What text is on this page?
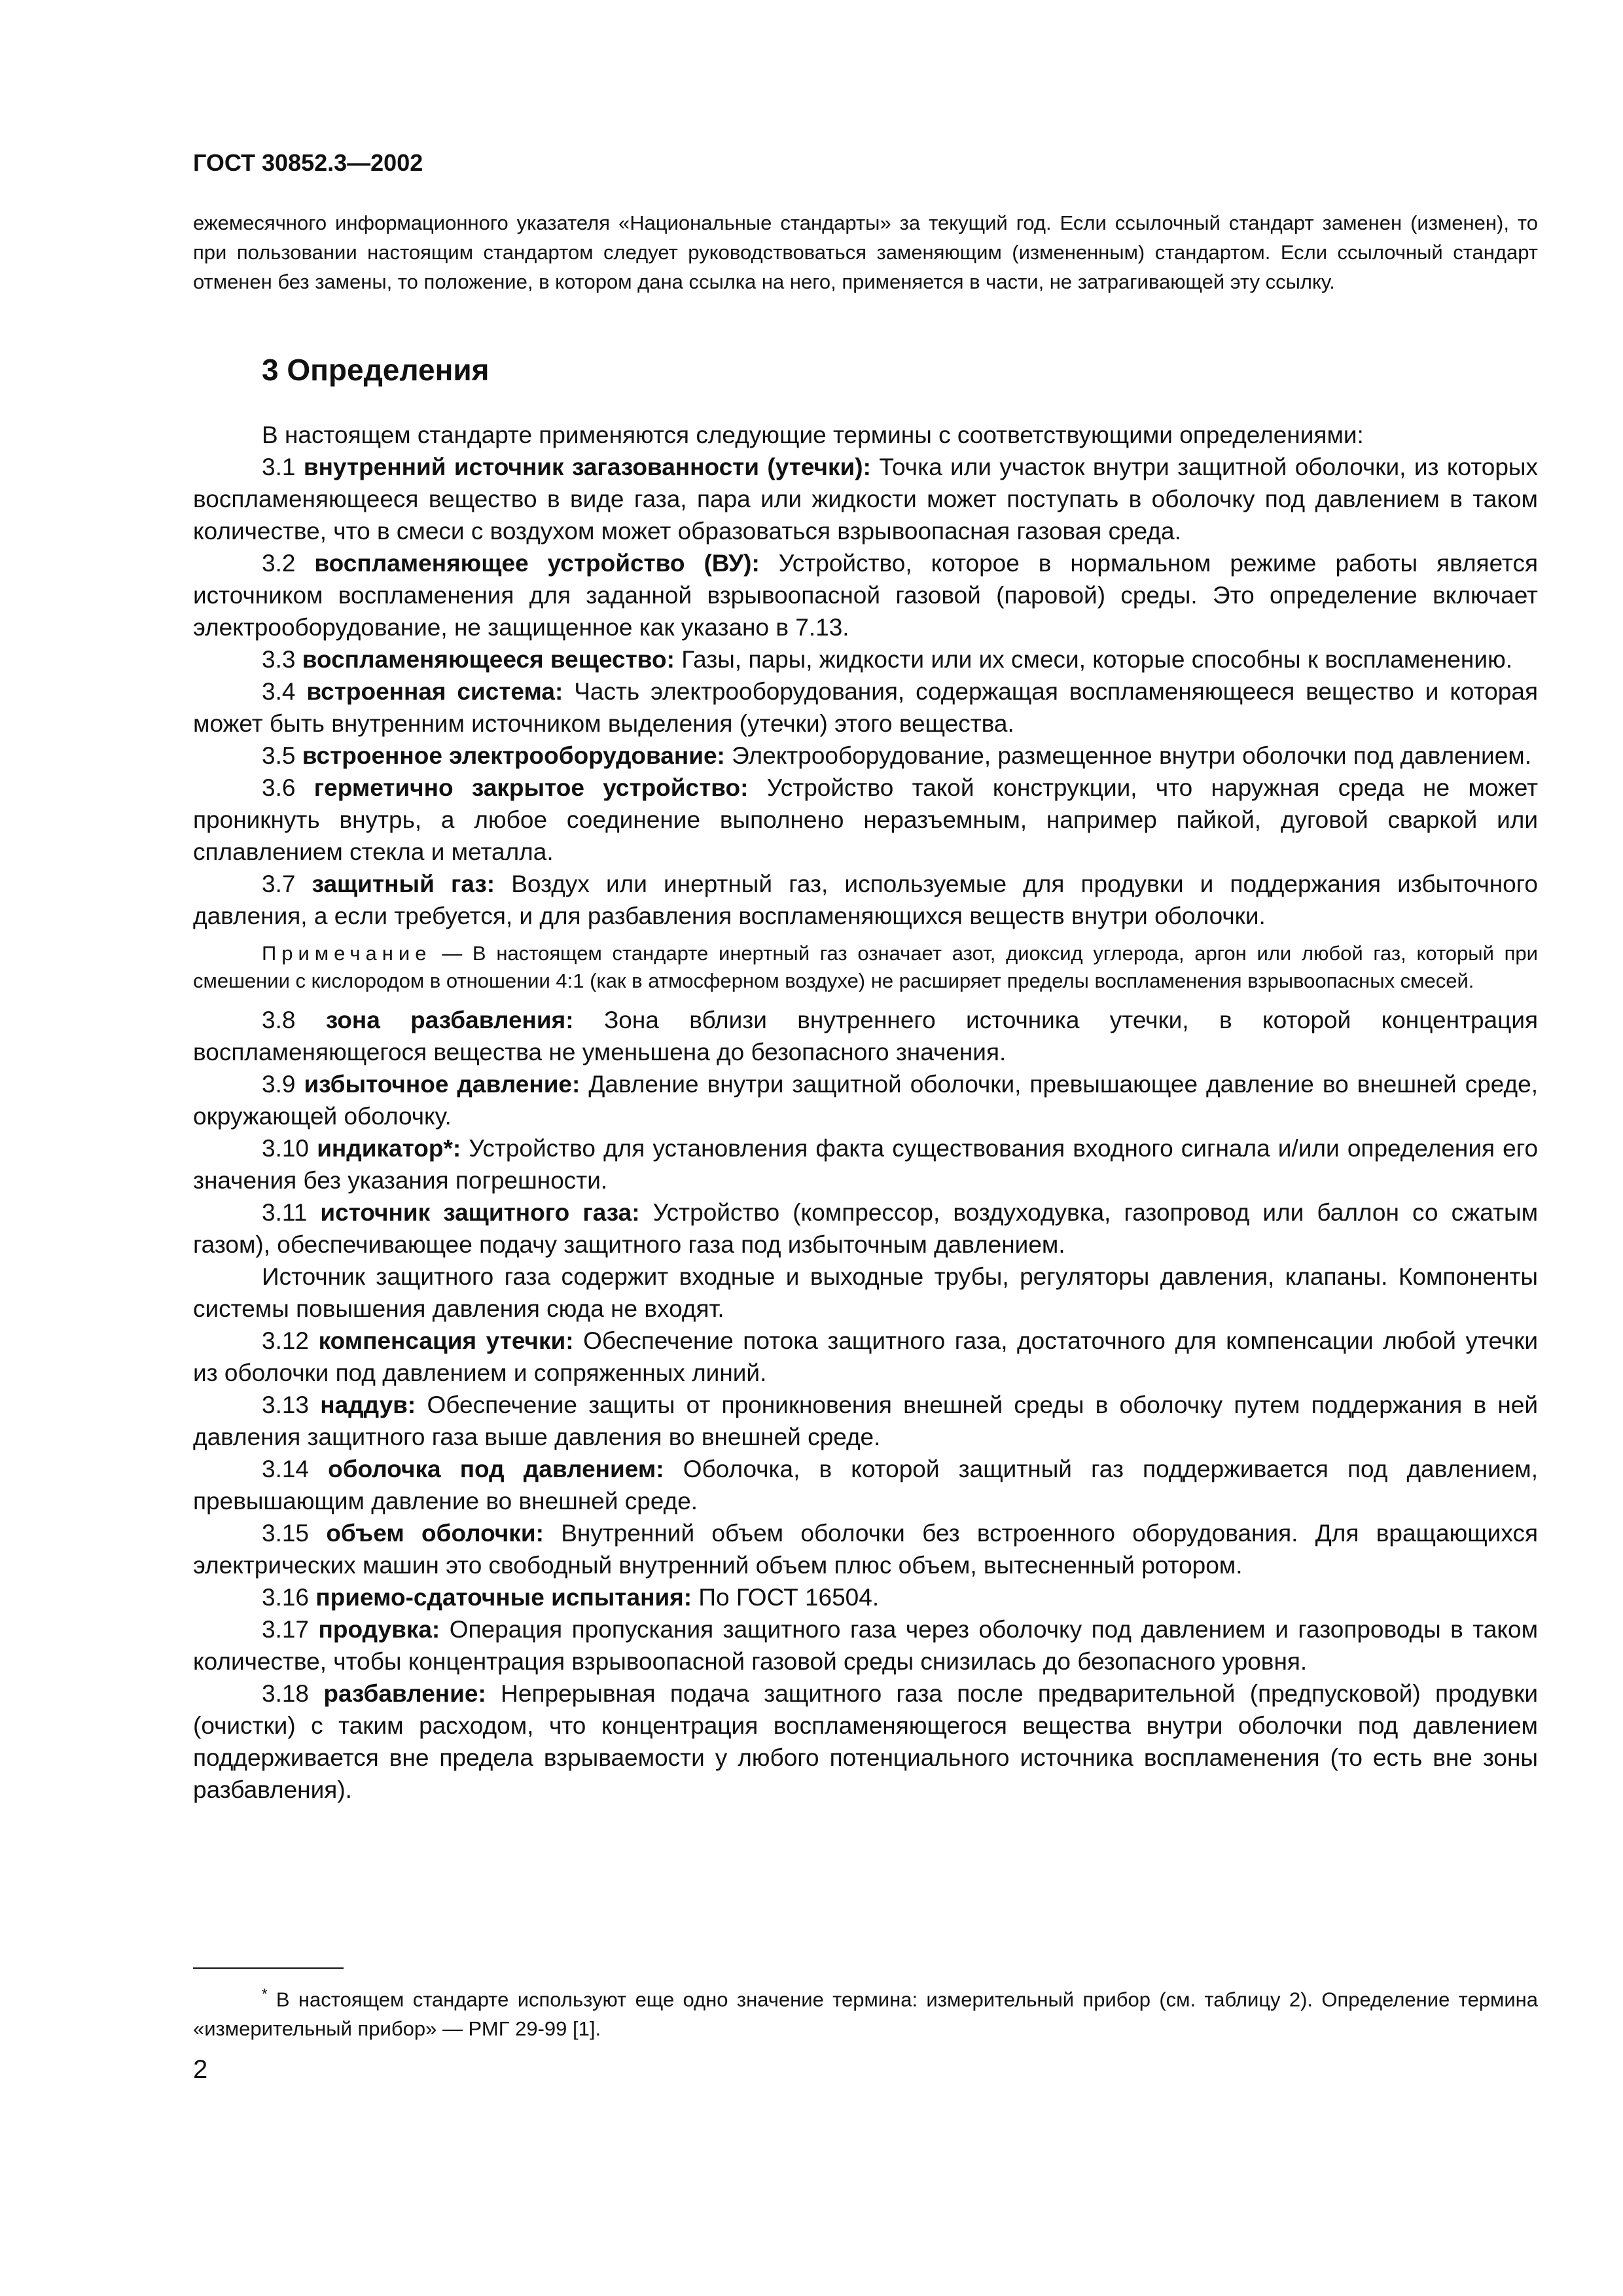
ГОСТ 30852.3—2002
ежемесячного информационного указателя «Национальные стандарты» за текущий год. Если ссылочный стандарт заменен (изменен), то при пользовании настоящим стандартом следует руководствоваться заменяющим (измененным) стандартом. Если ссылочный стандарт отменен без замены, то положение, в котором дана ссылка на него, применяется в части, не затрагивающей эту ссылку.
3 Определения

В настоящем стандарте применяются следующие термины с соответствующими определениями:

3.1 внутренний источник загазованности (утечки): Точка или участок внутри защитной оболочки, из которых воспламеняющееся вещество в виде газа, пара или жидкости может поступать в оболочку под давлением в таком количестве, что в смеси с воздухом может образоваться взрывоопасная газовая среда.

3.2 воспламеняющее устройство (ВУ): Устройство, которое в нормальном режиме работы является источником воспламенения для заданной взрывоопасной газовой (паровой) среды. Это определение включает электрооборудование, не защищенное как указано в 7.13.

3.3 воспламеняющееся вещество: Газы, пары, жидкости или их смеси, которые способны к воспламенению.

3.4 встроенная система: Часть электрооборудования, содержащая воспламеняющееся вещество и которая может быть внутренним источником выделения (утечки) этого вещества.

3.5 встроенное электрооборудование: Электрооборудование, размещенное внутри оболочки под давлением.

3.6 герметично закрытое устройство: Устройство такой конструкции, что наружная среда не может проникнуть внутрь, а любое соединение выполнено неразъемным, например пайкой, дуговой сваркой или сплавлением стекла и металла.

3.7 защитный газ: Воздух или инертный газ, используемые для продувки и поддержания избыточного давления, а если требуется, и для разбавления воспламеняющихся веществ внутри оболочки.

Примечание — В настоящем стандарте инертный газ означает азот, диоксид углерода, аргон или любой газ, который при смешении с кислородом в отношении 4:1 (как в атмосферном воздухе) не расширяет пределы воспламенения взрывоопасных смесей.

3.8 зона разбавления: Зона вблизи внутреннего источника утечки, в которой концентрация воспламеняющегося вещества не уменьшена до безопасного значения.

3.9 избыточное давление: Давление внутри защитной оболочки, превышающее давление во внешней среде, окружающей оболочку.

3.10 индикатор*: Устройство для установления факта существования входного сигнала и/или определения его значения без указания погрешности.

3.11 источник защитного газа: Устройство (компрессор, воздуходувка, газопровод или баллон со сжатым газом), обеспечивающее подачу защитного газа под избыточным давлением.

Источник защитного газа содержит входные и выходные трубы, регуляторы давления, клапаны. Компоненты системы повышения давления сюда не входят.

3.12 компенсация утечки: Обеспечение потока защитного газа, достаточного для компенсации любой утечки из оболочки под давлением и сопряженных линий.

3.13 наддув: Обеспечение защиты от проникновения внешней среды в оболочку путем поддержания в ней давления защитного газа выше давления во внешней среде.

3.14 оболочка под давлением: Оболочка, в которой защитный газ поддерживается под давлением, превышающим давление во внешней среде.

3.15 объем оболочки: Внутренний объем оболочки без встроенного оборудования. Для вращающихся электрических машин это свободный внутренний объем плюс объем, вытесненный ротором.

3.16 приемо-сдаточные испытания: По ГОСТ 16504.

3.17 продувка: Операция пропускания защитного газа через оболочку под давлением и газопроводы в таком количестве, чтобы концентрация взрывоопасной газовой среды снизилась до безопасного уровня.

3.18 разбавление: Непрерывная подача защитного газа после предварительной (предпусковой) продувки (очистки) с таким расходом, что концентрация воспламеняющегося вещества внутри оболочки под давлением поддерживается вне предела взрываемости у любого потенциального источника воспламенения (то есть вне зоны разбавления).

* В настоящем стандарте используют еще одно значение термина: измерительный прибор (см. таблицу 2). Определение термина «измерительный прибор» — РМГ 29-99 [1].
2
